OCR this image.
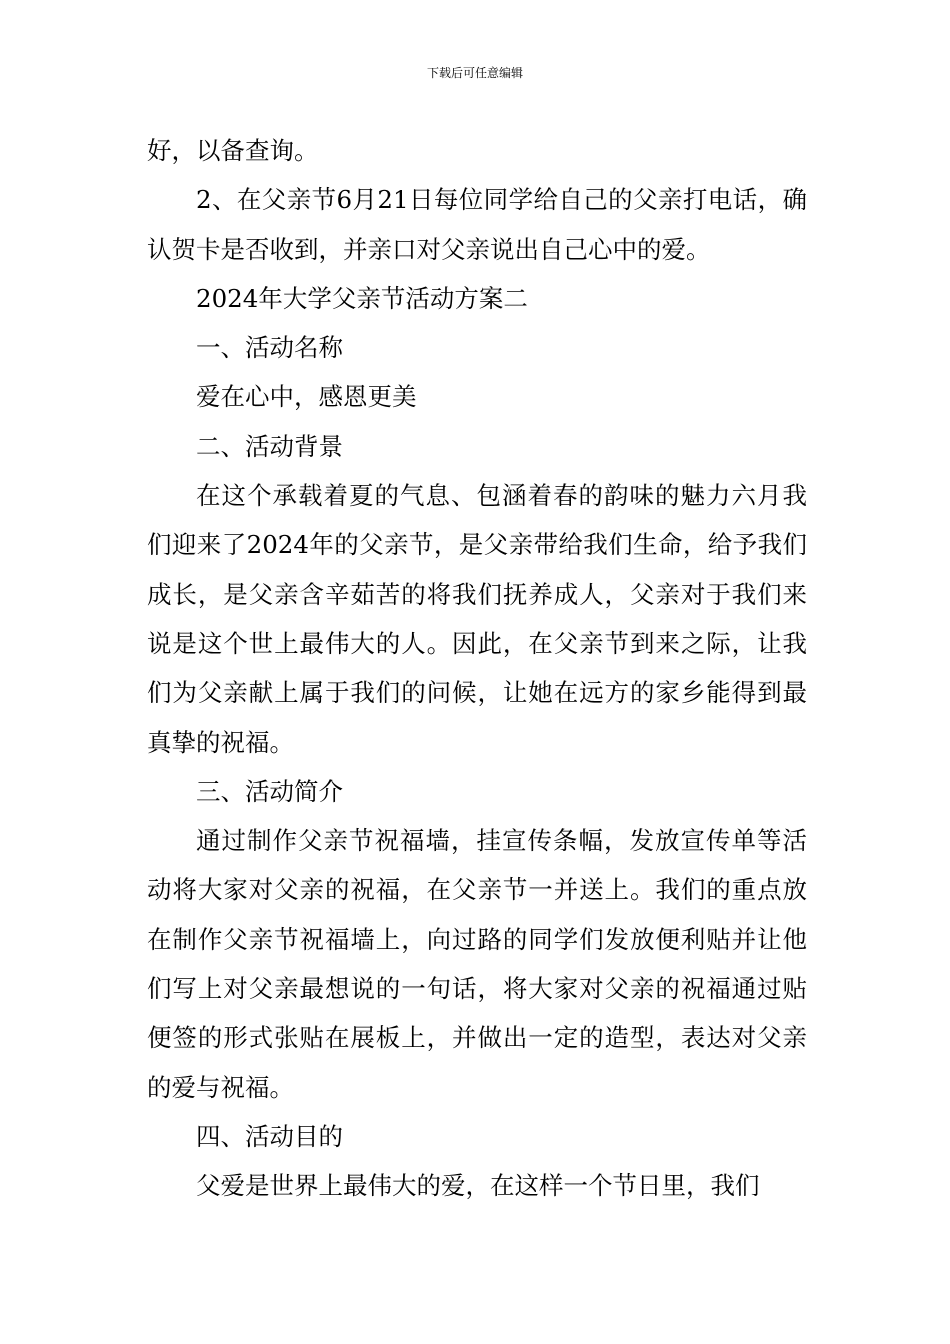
下载后可任意编辑

好，以备查询。

2、在父亲节6月21日每位同学给自己的父亲打电话，确认贺卡是否收到，并亲口对父亲说出自己心中的爱。

2024年大学父亲节活动方案二

一、活动名称

爱在心中，感恩更美

二、活动背景

在这个承载着夏的气息、包涵着春的韵味的魅力六月我们迎来了2024年的父亲节，是父亲带给我们生命，给予我们成长，是父亲含辛茹苦的将我们抚养成人，父亲对于我们来说是这个世上最伟大的人。因此，在父亲节到来之际，让我们为父亲献上属于我们的问候，让她在远方的家乡能得到最真挚的祝福。

三、活动简介

通过制作父亲节祝福墙，挂宣传条幅，发放宣传单等活动将大家对父亲的祝福，在父亲节一并送上。我们的重点放在制作父亲节祝福墙上，向过路的同学们发放便利贴并让他们写上对父亲最想说的一句话，将大家对父亲的祝福通过贴便签的形式张贴在展板上，并做出一定的造型，表达对父亲的爱与祝福。

四、活动目的

父爱是世界上最伟大的爱，在这样一个节日里，我们
